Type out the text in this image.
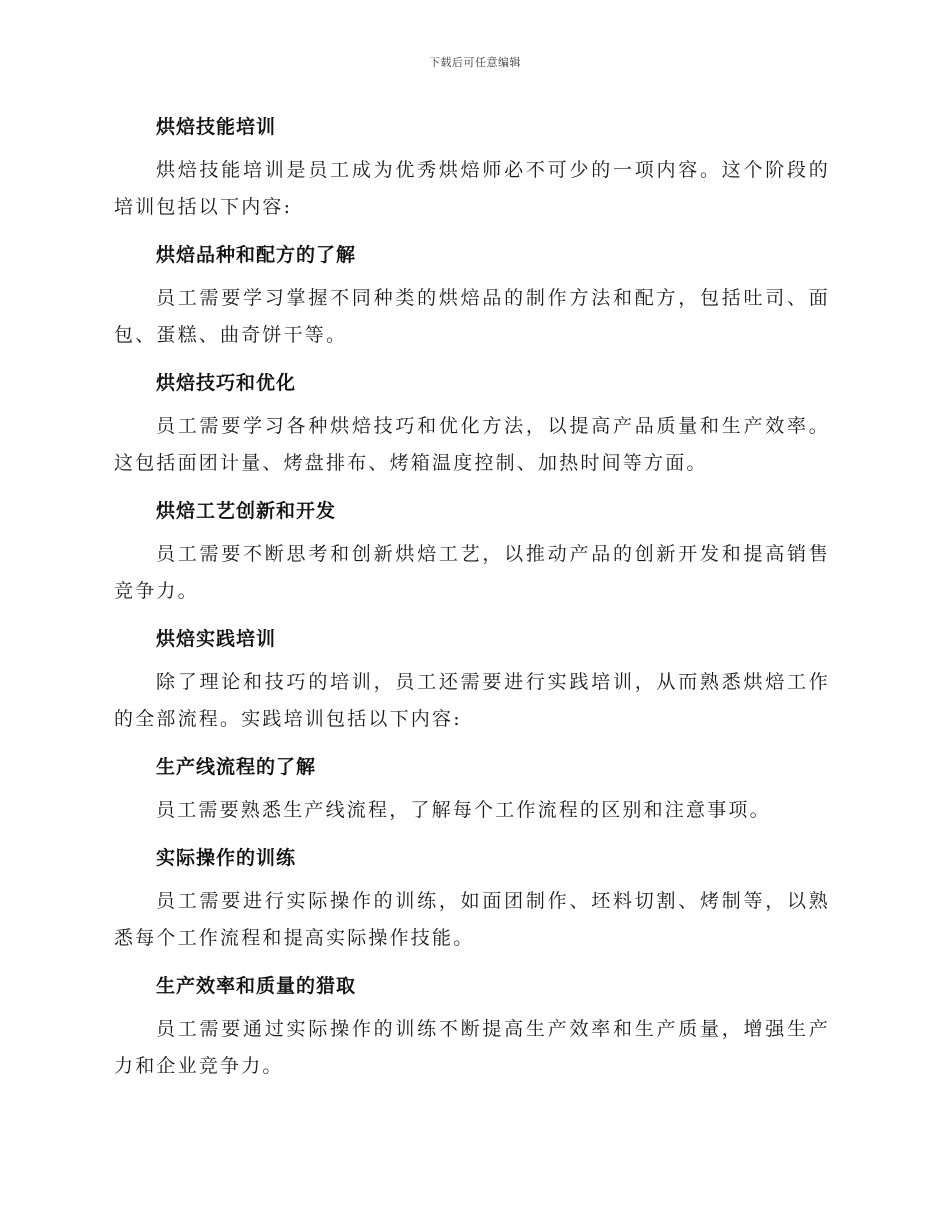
下载后可任意编辑
烘焙技能培训

烘焙技能培训是员工成为优秀烘焙师必不可少的一项内容。这个阶段的培训包括以下内容:

烘焙品种和配方的了解

员工需要学习掌握不同种类的烘焙品的制作方法和配方，包括吐司、面包、蛋糕、曲奇饼干等。

烘焙技巧和优化

员工需要学习各种烘焙技巧和优化方法，以提高产品质量和生产效率。这包括面团计量、烤盘排布、烤箱温度控制、加热时间等方面。

烘焙工艺创新和开发

员工需要不断思考和创新烘焙工艺，以推动产品的创新开发和提高销售竞争力。

烘焙实践培训

除了理论和技巧的培训，员工还需要进行实践培训，从而熟悉烘焙工作的全部流程。实践培训包括以下内容:

生产线流程的了解

员工需要熟悉生产线流程，了解每个工作流程的区别和注意事项。

实际操作的训练

员工需要进行实际操作的训练，如面团制作、坯料切割、烤制等，以熟悉每个工作流程和提高实际操作技能。

生产效率和质量的猎取

员工需要通过实际操作的训练不断提高生产效率和生产质量，增强生产力和企业竞争力。
